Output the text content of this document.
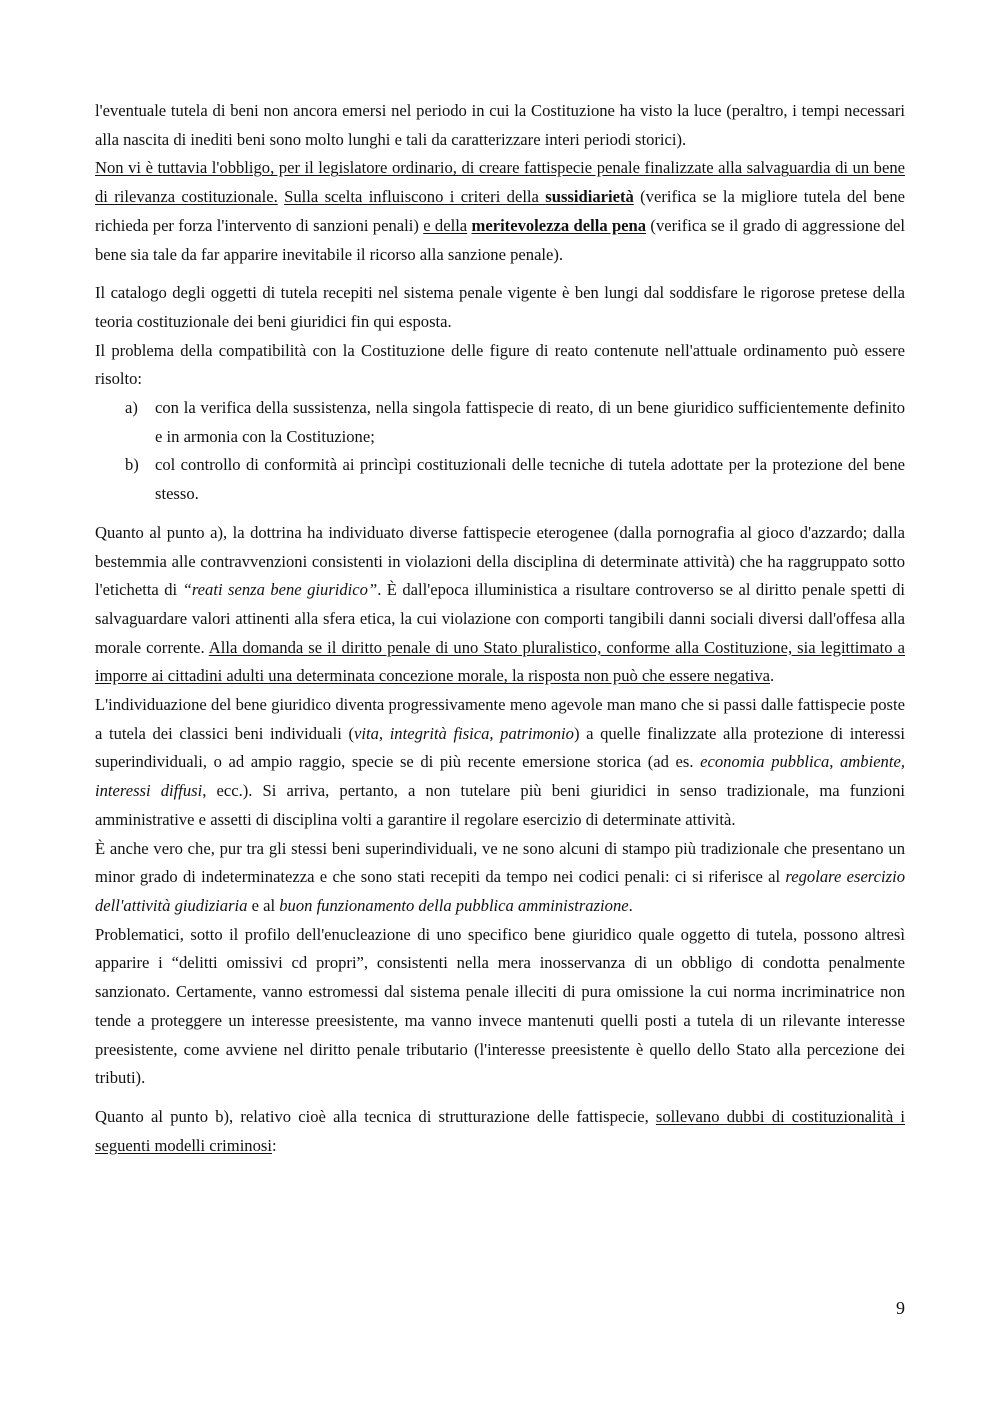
l'eventuale tutela di beni non ancora emersi nel periodo in cui la Costituzione ha visto la luce (peraltro, i tempi necessari alla nascita di inediti beni sono molto lunghi e tali da caratterizzare interi periodi storici).

Non vi è tuttavia l'obbligo, per il legislatore ordinario, di creare fattispecie penale finalizzate alla salvaguardia di un bene di rilevanza costituzionale. Sulla scelta influiscono i criteri della sussidiarietà (verifica se la migliore tutela del bene richieda per forza l'intervento di sanzioni penali) e della meritevolezza della pena (verifica se il grado di aggressione del bene sia tale da far apparire inevitabile il ricorso alla sanzione penale).

Il catalogo degli oggetti di tutela recepiti nel sistema penale vigente è ben lungi dal soddisfare le rigorose pretese della teoria costituzionale dei beni giuridici fin qui esposta.

Il problema della compatibilità con la Costituzione delle figure di reato contenute nell'attuale ordinamento può essere risolto:

a) con la verifica della sussistenza, nella singola fattispecie di reato, di un bene giuridico sufficientemente definito e in armonia con la Costituzione;
b) col controllo di conformità ai princìpi costituzionali delle tecniche di tutela adottate per la protezione del bene stesso.

Quanto al punto a), la dottrina ha individuato diverse fattispecie eterogenee (dalla pornografia al gioco d'azzardo; dalla bestemmia alle contravvenzioni consistenti in violazioni della disciplina di determinate attività) che ha raggruppato sotto l'etichetta di “reati senza bene giuridico”. È dall'epoca illuministica a risultare controverso se al diritto penale spetti di salvaguardare valori attinenti alla sfera etica, la cui violazione con comporti tangibili danni sociali diversi dall'offesa alla morale corrente. Alla domanda se il diritto penale di uno Stato pluralistico, conforme alla Costituzione, sia legittimato a imporre ai cittadini adulti una determinata concezione morale, la risposta non può che essere negativa.

L'individuazione del bene giuridico diventa progressivamente meno agevole man mano che si passi dalle fattispecie poste a tutela dei classici beni individuali (vita, integrità fisica, patrimonio) a quelle finalizzate alla protezione di interessi superindividuali, o ad ampio raggio, specie se di più recente emersione storica (ad es. economia pubblica, ambiente, interessi diffusi, ecc.). Si arriva, pertanto, a non tutelare più beni giuridici in senso tradizionale, ma funzioni amministrative e assetti di disciplina volti a garantire il regolare esercizio di determinate attività.

È anche vero che, pur tra gli stessi beni superindividuali, ve ne sono alcuni di stampo più tradizionale che presentano un minor grado di indeterminatezza e che sono stati recepiti da tempo nei codici penali: ci si riferisce al regolare esercizio dell'attività giudiziaria e al buon funzionamento della pubblica amministrazione.

Problematici, sotto il profilo dell'enucleazione di uno specifico bene giuridico quale oggetto di tutela, possono altresì apparire i “delitti omissivi cd propri”, consistenti nella mera inosservanza di un obbligo di condotta penalmente sanzionato. Certamente, vanno estromessi dal sistema penale illeciti di pura omissione la cui norma incriminatrice non tende a proteggere un interesse preesistente, ma vanno invece mantenuti quelli posti a tutela di un rilevante interesse preesistente, come avviene nel diritto penale tributario (l'interesse preesistente è quello dello Stato alla percezione dei tributi).

Quanto al punto b), relativo cioè alla tecnica di strutturazione delle fattispecie, sollevano dubbi di costituzionalità i seguenti modelli criminosi:

9
